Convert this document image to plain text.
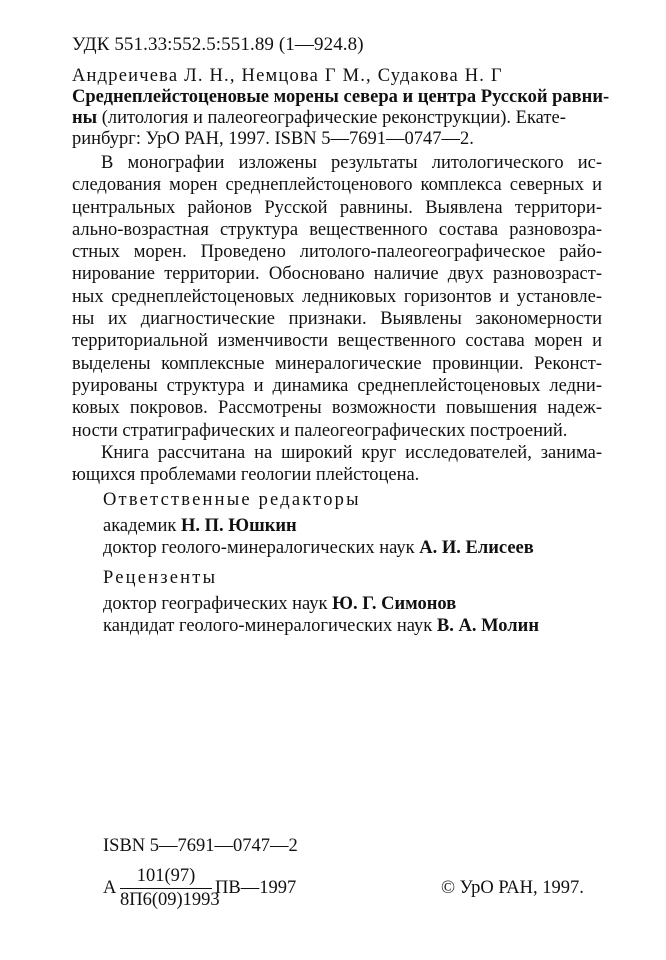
УДК 551.33:552.5:551.89 (1—924.8)
Андреичева Л. Н., Немцова Г М., Судакова Н. Г
Среднеплейстоценовые морены севера и центра Русской равни-
ны (литология и палеогеографические реконструкции). Екате-
ринбург: УрО РАН, 1997. ISBN 5—7691—0747—2.
В монографии изложены результаты литологического ис-
следования морен среднеплейстоценового комплекса северных и
центральных районов Русской равнины. Выявлена территори-
ально-возрастная структура вещественного состава разновозра-
стных морен. Проведено литолого-палеогеографическое райо-
нирование территории. Обосновано наличие двух разновозраст-
ных среднеплейстоценовых ледниковых горизонтов и установле-
ны их диагностические признаки. Выявлены закономерности
территориальной изменчивости вещественного состава морен и
выделены комплексные минералогические провинции. Реконст-
руированы структура и динамика среднеплейстоценовых ледни-
ковых покровов. Рассмотрены возможности повышения надеж-
ности стратиграфических и палеогеографических построений.
Книга рассчитана на широкий круг исследователей, занима-
ющихся проблемами геологии плейстоцена.
Ответственные редакторы
академик Н. П. Юшкин
доктор геолого-минералогических наук А. И. Елисеев
Рецензенты
доктор географических наук Ю. Г. Симонов
кандидат геолого-минералогических наук В. А. Молин
ISBN 5—7691—0747—2
А
101(97)
8П6(09)1993
ПВ—1997	© УрО РАН, 1997.
